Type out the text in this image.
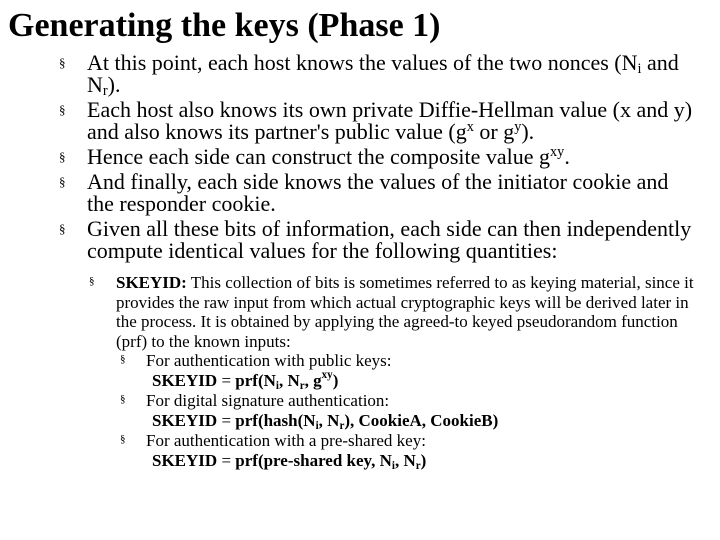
Generating the keys (Phase 1)
§ At this point, each host knows the values of the two nonces ($N_i$ and $N_r$).
§ Each host also knows its own private Diffie-Hellman value (x and y) and also knows its partner's public value ($g^x$ or $g^y$).
§ Hence each side can construct the composite value $g^{xy}$.
§ And finally, each side knows the values of the initiator cookie and the responder cookie.
§ Given all these bits of information, each side can then independently compute identical values for the following quantities:
§ SKEYID: This collection of bits is sometimes referred to as keying material, since it provides the raw input from which actual cryptographic keys will be derived later in the process. It is obtained by applying the agreed-to keyed pseudorandom function (prf) to the known inputs:
§ For authentication with public keys:
SKEYID = $prf(N_i$, $N_r$, $g^{xy}$)
§ For digital signature authentication:
SKEYID = $prf(hash(N_i$, $N_r$), CookieA, CookieB)
§ For authentication with a pre-shared key:
SKEYID = prf(pre-shared key, $N_i$, $N_r$)
